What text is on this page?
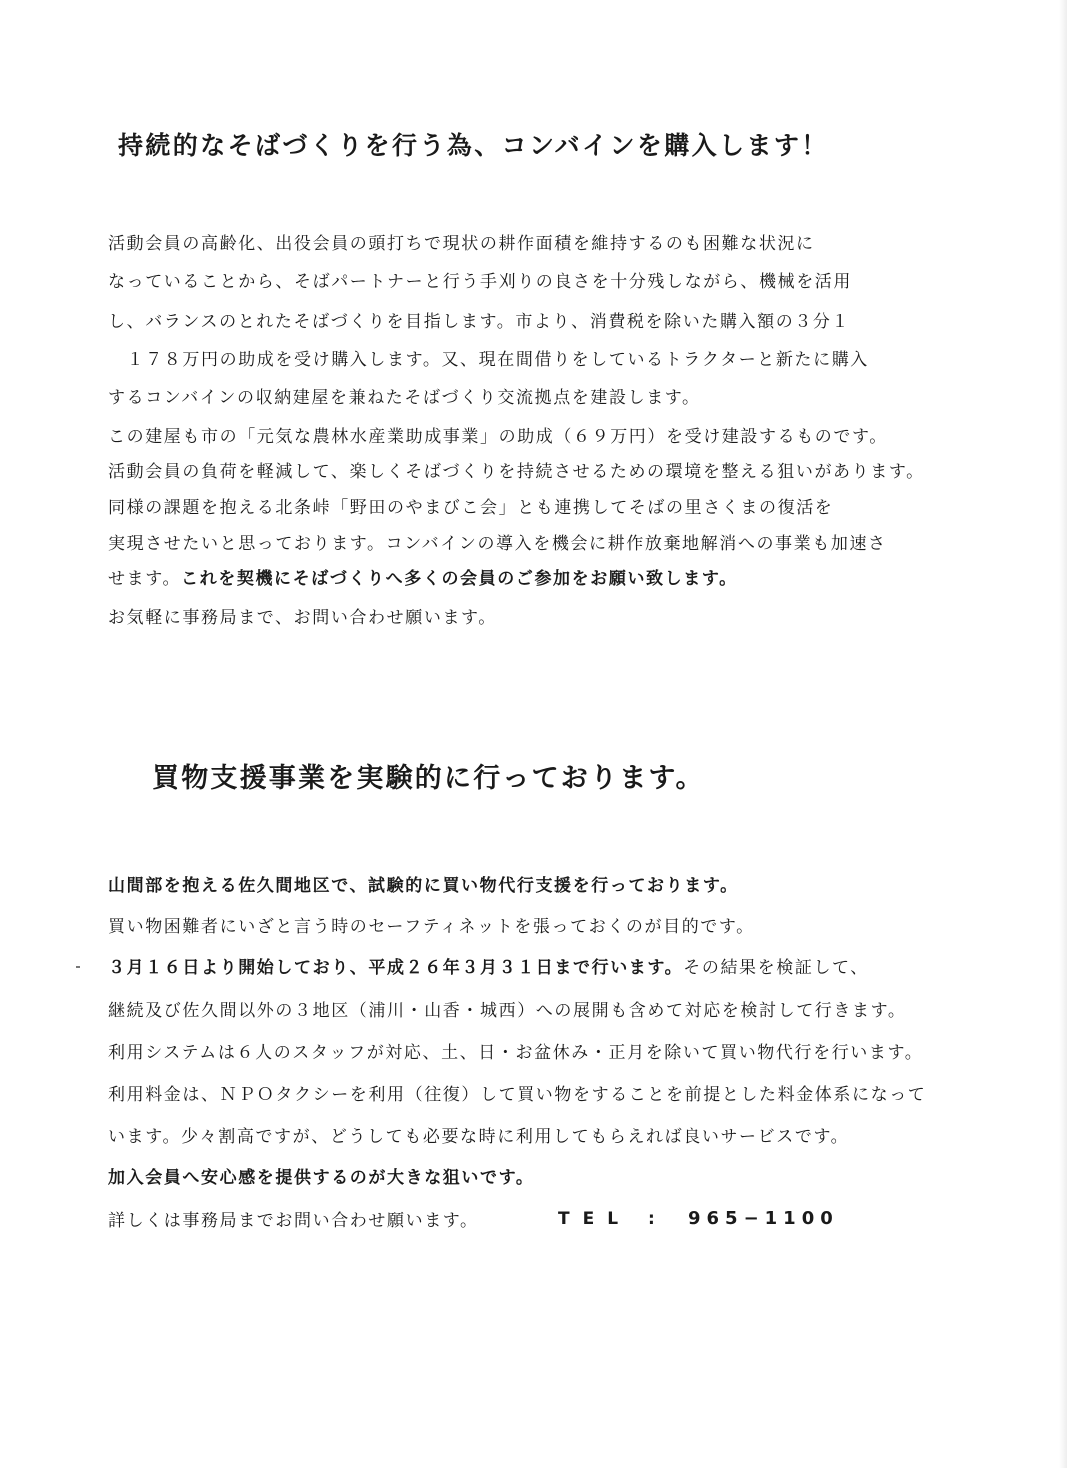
持続的なそばづくりを行う為、コンバインを購入します！

活動会員の高齢化、出役会員の頭打ちで現状の耕作面積を維持するのも困難な状況に

なっていることから、そばパートナーと行う手刈りの良さを十分残しながら、機械を活用

し、バランスのとれたそばづくりを目指します。市より、消費税を除いた購入額の３分１

　１７８万円の助成を受け購入します。又、現在間借りをしているトラクターと新たに購入

するコンバインの収納建屋を兼ねたそばづくり交流拠点を建設します。

この建屋も市の「元気な農林水産業助成事業」の助成（６９万円）を受け建設するものです。

活動会員の負荷を軽減して、楽しくそばづくりを持続させるための環境を整える狙いがあります。

同様の課題を抱える北条峠「野田のやまびこ会」とも連携してそばの里さくまの復活を

実現させたいと思っております。コンバインの導入を機会に耕作放棄地解消への事業も加速さ

せます。これを契機にそばづくりへ多くの会員のご参加をお願い致します。

お気軽に事務局まで、お問い合わせ願います。

買物支援事業を実験的に行っております。

山間部を抱える佐久間地区で、試験的に買い物代行支援を行っております。

買い物困難者にいざと言う時のセーフティネットを張っておくのが目的です。

３月１６日より開始しており、平成２６年３月３１日まで行います。その結果を検証して、

継続及び佐久間以外の３地区（浦川・山香・城西）への展開も含めて対応を検討して行きます。

利用システムは６人のスタッフが対応、土、日・お盆休み・正月を除いて買い物代行を行います。

利用料金は、ＮＰＯタクシーを利用（往復）して買い物をすることを前提とした料金体系になって

います。少々割高ですが、どうしても必要な時に利用してもらえれば良いサービスです。

加入会員へ安心感を提供するのが大きな狙いです。

詳しくは事務局までお問い合わせ願います。	TEL : 965−1100
